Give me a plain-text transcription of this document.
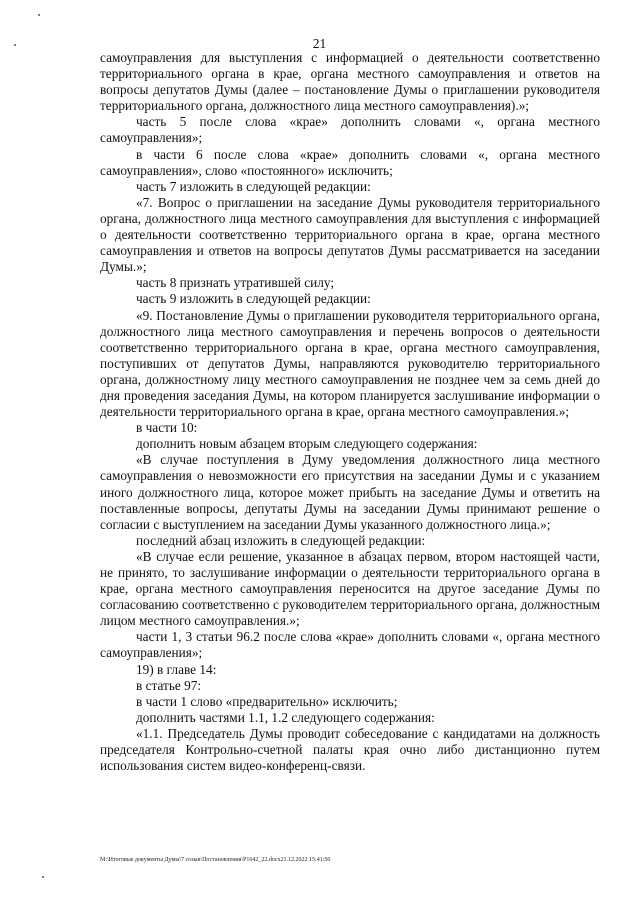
21

самоуправления для выступления с информацией о деятельности соответственно территориального органа в крае, органа местного самоуправления и ответов на вопросы депутатов Думы (далее – постановление Думы о приглашении руководителя территориального органа, должностного лица местного самоуправления).»;

часть 5 после слова «крае» дополнить словами «, органа местного самоуправления»;

в части 6 после слова «крае» дополнить словами «, органа местного самоуправления», слово «постоянного» исключить;

часть 7 изложить в следующей редакции:

«7. Вопрос о приглашении на заседание Думы руководителя территориального органа, должностного лица местного самоуправления для выступления с информацией о деятельности соответственно территориального органа в крае, органа местного самоуправления и ответов на вопросы депутатов Думы рассматривается на заседании Думы.»;

часть 8 признать утратившей силу;

часть 9 изложить в следующей редакции:

«9. Постановление Думы о приглашении руководителя территориального органа, должностного лица местного самоуправления и перечень вопросов о деятельности соответственно территориального органа в крае, органа местного самоуправления, поступивших от депутатов Думы, направляются руководителю территориального органа, должностному лицу местного самоуправления не позднее чем за семь дней до дня проведения заседания Думы, на котором планируется заслушивание информации о деятельности территориального органа в крае, органа местного самоуправления.»;

в части 10:

дополнить новым абзацем вторым следующего содержания:

«В случае поступления в Думу уведомления должностного лица местного самоуправления о невозможности его присутствия на заседании Думы и с указанием иного должностного лица, которое может прибыть на заседание Думы и ответить на поставленные вопросы, депутаты Думы на заседании Думы принимают решение о согласии с выступлением на заседании Думы указанного должностного лица.»;

последний абзац изложить в следующей редакции:

«В случае если решение, указанное в абзацах первом, втором настоящей части, не принято, то заслушивание информации о деятельности территориального органа в крае, органа местного самоуправления переносится на другое заседание Думы по согласованию соответственно с руководителем территориального органа, должностным лицом местного самоуправления.»;

части 1, 3 статьи 96.2 после слова «крае» дополнить словами «, органа местного самоуправления»;

19) в главе 14:

в статье 97:

в части 1 слово «предварительно» исключить;

дополнить частями 1.1, 1.2 следующего содержания:

«1.1. Председатель Думы проводит собеседование с кандидатами на должность председателя Контрольно-счетной палаты края очно либо дистанционно путем использования систем видео-конференц-связи.

M:\Итоговые документы Думы\7 созыв\Постановления\P1642_22.docx21.12.2022 15:41:50
